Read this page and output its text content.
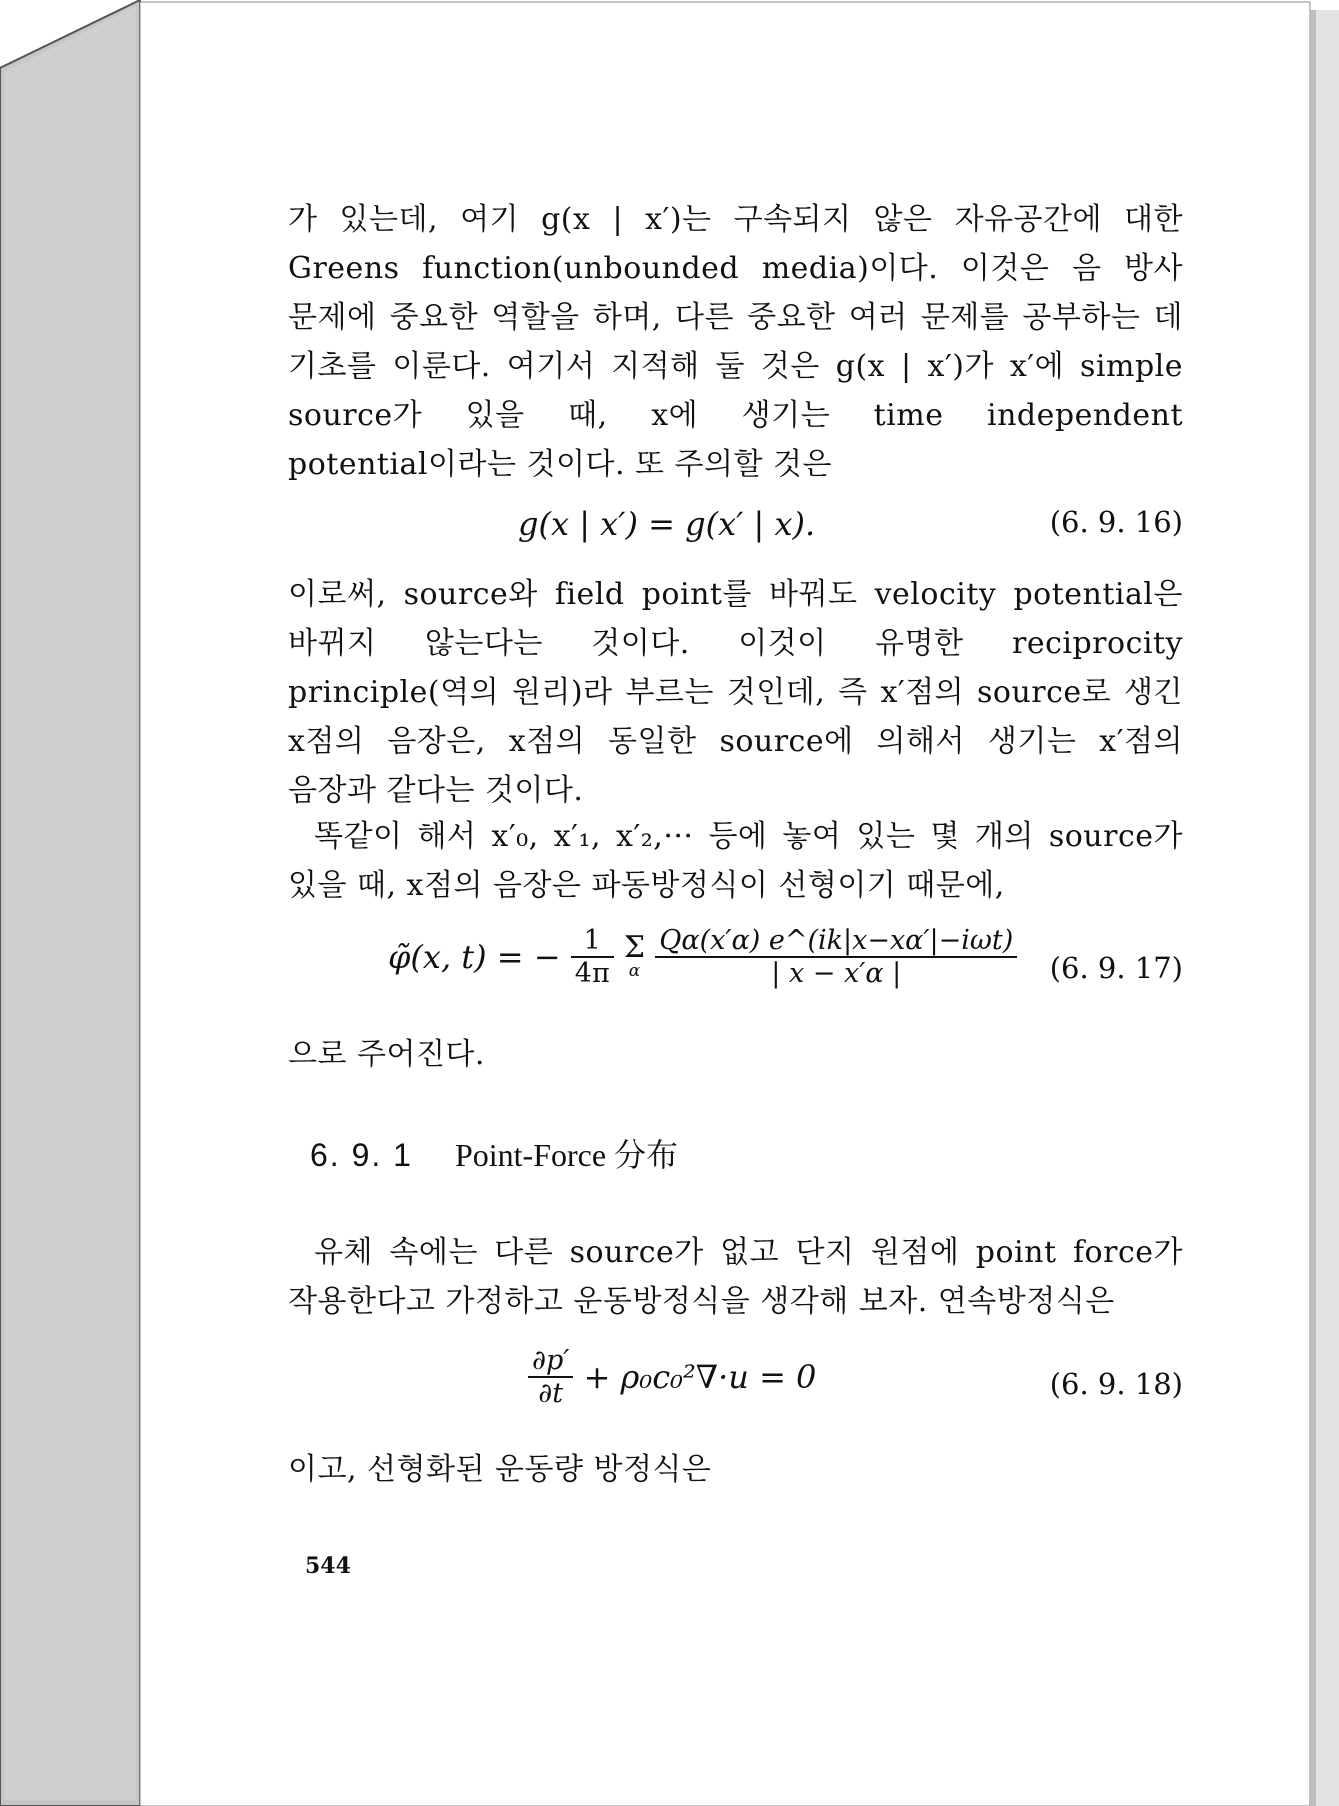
가 있는데, 여기 g(x | x′)는 구속되지 않은 자유공간에 대한 Greens function(unbounded media)이다. 이것은 음 방사 문제에 중요한 역할을 하며, 다른 중요한 여러 문제를 공부하는 데 기초를 이룬다. 여기서 지적해 둘 것은 g(x | x′)가 x′에 simple source가 있을 때, x에 생기는 time independent potential이라는 것이다. 또 주의할 것은
g(x | x′) = g(x′ | x).	(6. 9. 16)
이로써, source와 field point를 바꿔도 velocity potential은 바뀌지 않는다는 것이다. 이것이 유명한 reciprocity principle(역의 원리)라 부르는 것인데, 즉 x′점의 source로 생긴 x점의 음장은, x점의 동일한 source에 의해서 생기는 x′점의 음장과 같다는 것이다.
똑같이 해서 x′₀, x′₁, x′₂,··· 등에 놓여 있는 몇 개의 source가 있을 때, x점의 음장은 파동방정식이 선형이기 때문에,
φ̃(x, t) = − $\frac{1}{4\pi}$
Σ
α
$\frac{\text{Qα(x′α) e\textasciicircum{}(ik|x−xα′|−iωt)}}{| x - x'\alpha |} (6$. 9. 17)
으로 주어진다.
6. 9. 1 Point-Force 分布
유체 속에는 다른 source가 없고 단지 원점에 point force가 작용한다고 가정하고 운동방정식을 생각해 보자. 연속방정식은
$\frac{\partial p'}{\partial t} + \rho_0c_0^2\nabla\cdot u = 0$	(6. 9. 18)
이고, 선형화된 운동량 방정식은
544
